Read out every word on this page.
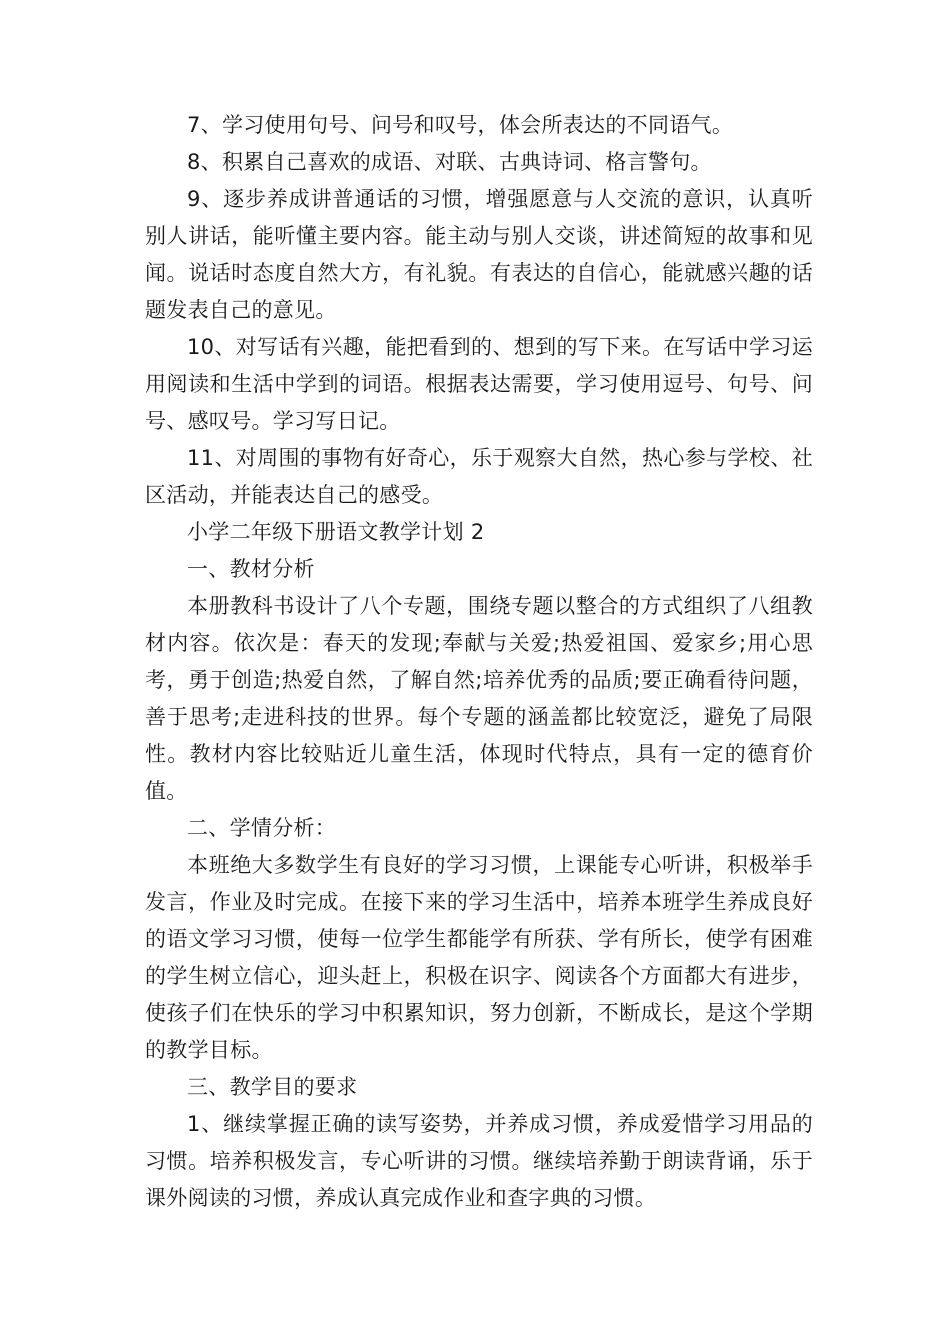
7、学习使用句号、问号和叹号，体会所表达的不同语气。

8、积累自己喜欢的成语、对联、古典诗词、格言警句。

9、逐步养成讲普通话的习惯，增强愿意与人交流的意识，认真听别人讲话，能听懂主要内容。能主动与别人交谈，讲述简短的故事和见闻。说话时态度自然大方，有礼貌。有表达的自信心，能就感兴趣的话题发表自己的意见。

10、对写话有兴趣，能把看到的、想到的写下来。在写话中学习运用阅读和生活中学到的词语。根据表达需要，学习使用逗号、句号、问号、感叹号。学习写日记。

11、对周围的事物有好奇心，乐于观察大自然，热心参与学校、社区活动，并能表达自己的感受。

小学二年级下册语文教学计划 2

一、教材分析

本册教科书设计了八个专题，围绕专题以整合的方式组织了八组教材内容。依次是：春天的发现;奉献与关爱;热爱祖国、爱家乡;用心思考，勇于创造;热爱自然，了解自然;培养优秀的品质;要正确看待问题，善于思考;走进科技的世界。每个专题的涵盖都比较宽泛，避免了局限性。教材内容比较贴近儿童生活，体现时代特点，具有一定的德育价值。

二、学情分析：

本班绝大多数学生有良好的学习习惯，上课能专心听讲，积极举手发言，作业及时完成。在接下来的学习生活中，培养本班学生养成良好的语文学习习惯，使每一位学生都能学有所获、学有所长，使学有困难的学生树立信心，迎头赶上，积极在识字、阅读各个方面都大有进步，使孩子们在快乐的学习中积累知识，努力创新，不断成长，是这个学期的教学目标。

三、教学目的要求

1、继续掌握正确的读写姿势，并养成习惯，养成爱惜学习用品的习惯。培养积极发言，专心听讲的习惯。继续培养勤于朗读背诵，乐于课外阅读的习惯，养成认真完成作业和查字典的习惯。
